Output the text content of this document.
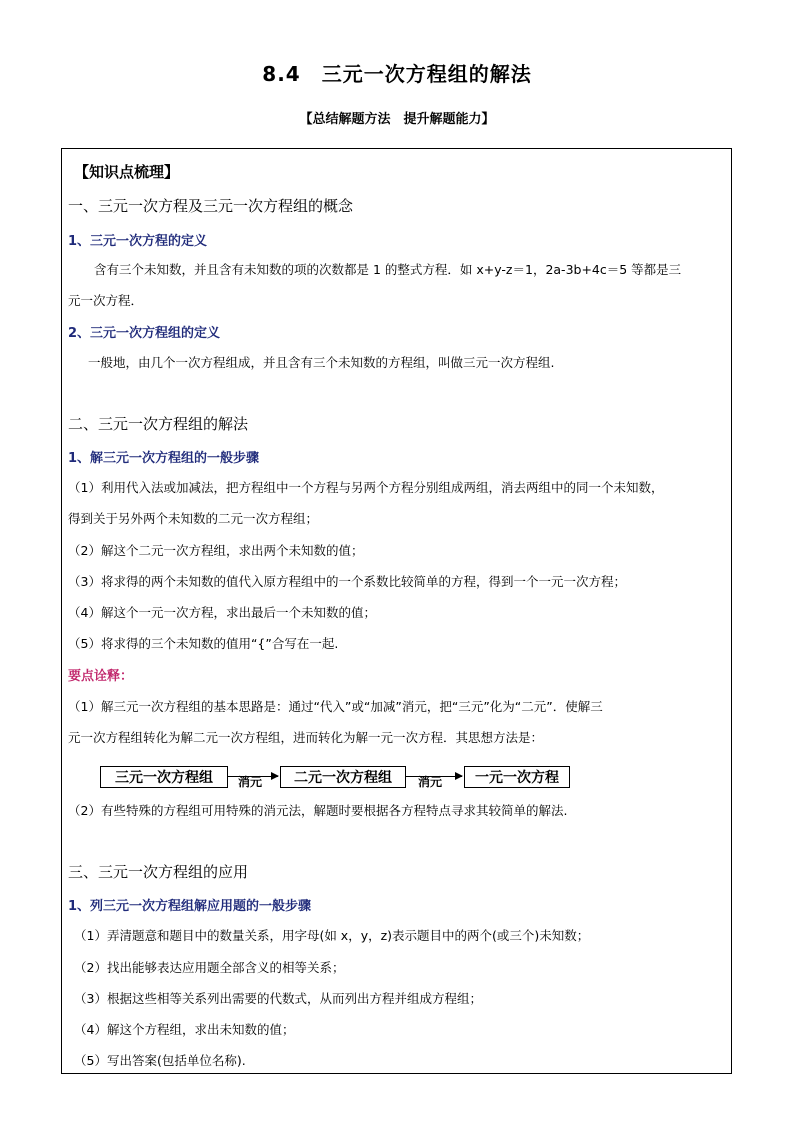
8.4　三元一次方程组的解法
【总结解题方法　提升解题能力】
【知识点梳理】
一、三元一次方程及三元一次方程组的概念
1、三元一次方程的定义
含有三个未知数，并且含有未知数的项的次数都是 1 的整式方程．如 x+y-z＝1，2a-3b+4c＝5 等都是三
元一次方程．
2、三元一次方程组的定义
一般地，由几个一次方程组成，并且含有三个未知数的方程组，叫做三元一次方程组.
二、三元一次方程组的解法
1、解三元一次方程组的一般步骤
（1）利用代入法或加减法，把方程组中一个方程与另两个方程分别组成两组，消去两组中的同一个未知数，
得到关于另外两个未知数的二元一次方程组；
（2）解这个二元一次方程组，求出两个未知数的值；
（3）将求得的两个未知数的值代入原方程组中的一个系数比较简单的方程，得到一个一元一次方程；
（4）解这个一元一次方程，求出最后一个未知数的值；
（5）将求得的三个未知数的值用“{”合写在一起.
要点诠释：
（1）解三元一次方程组的基本思路是：通过“代入”或“加减”消元，把“三元”化为“二元”．使解三
元一次方程组转化为解二元一次方程组，进而转化为解一元一次方程．其思想方法是：
三元一次方程组	消元	二元一次方程组	消元	一元一次方程
（2）有些特殊的方程组可用特殊的消元法，解题时要根据各方程特点寻求其较简单的解法.
三、三元一次方程组的应用
1、列三元一次方程组解应用题的一般步骤
（1）弄清题意和题目中的数量关系，用字母(如 x，y，z)表示题目中的两个(或三个)未知数；
（2）找出能够表达应用题全部含义的相等关系；
（3）根据这些相等关系列出需要的代数式，从而列出方程并组成方程组；
（4）解这个方程组，求出未知数的值；
（5）写出答案(包括单位名称).
